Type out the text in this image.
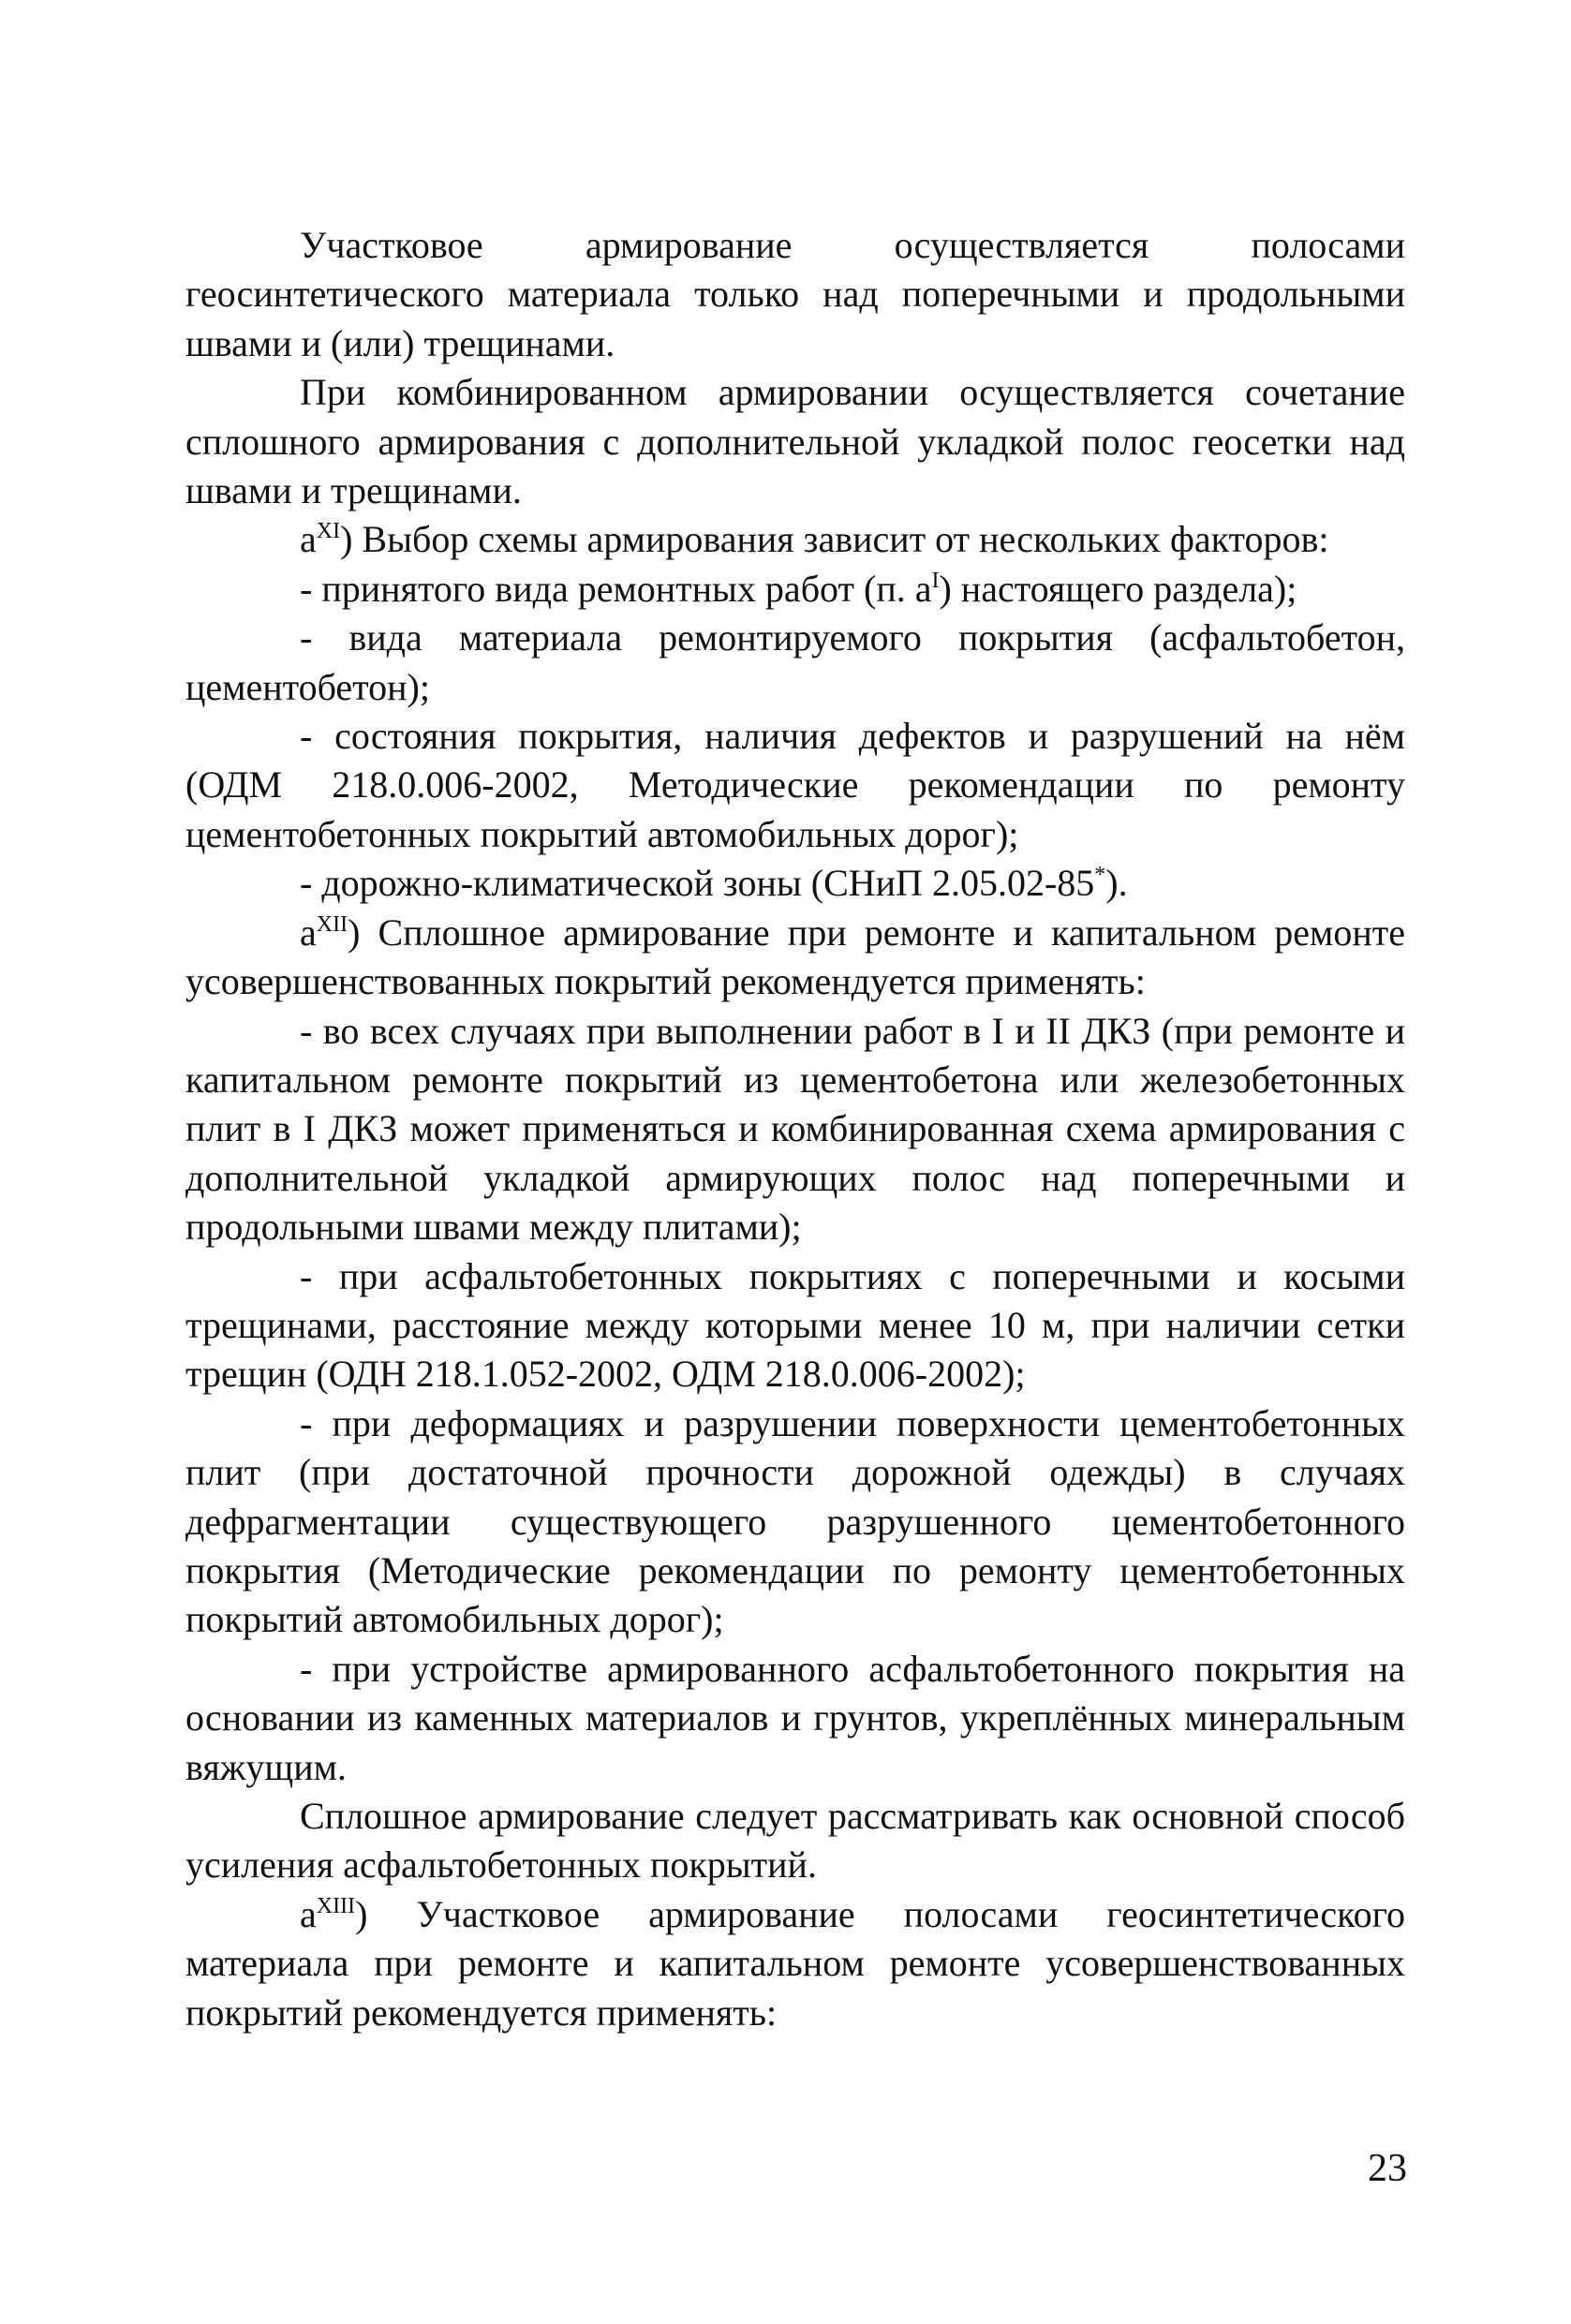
Участковое армирование осуществляется полосами геосинтетического материала только над поперечными и продольными швами и (или) трещинами.

При комбинированном армировании осуществляется сочетание сплошного армирования с дополнительной укладкой полос геосетки над швами и трещинами.

$а^{XI}$) Выбор схемы армирования зависит от нескольких факторов:

- принятого вида ремонтных работ (п. $а^I$) настоящего раздела);

- вида материала ремонтируемого покрытия (асфальтобетон, цементобетон);

- состояния покрытия, наличия дефектов и разрушений на нём (ОДМ 218.0.006-2002, Методические рекомендации по ремонту цементобетонных покрытий автомобильных дорог);

- дорожно-климатической зоны (СНиП 2.05.02-85*).

$а^{XII}$) Сплошное армирование при ремонте и капитальном ремонте усовершенствованных покрытий рекомендуется применять:

- во всех случаях при выполнении работ в I и II ДКЗ (при ремонте и капитальном ремонте покрытий из цементобетона или железобетонных плит в I ДКЗ может применяться и комбинированная схема армирования с дополнительной укладкой армирующих полос над поперечными и продольными швами между плитами);

- при асфальтобетонных покрытиях с поперечными и косыми трещинами, расстояние между которыми менее 10 м, при наличии сетки трещин (ОДН 218.1.052-2002, ОДМ 218.0.006-2002);

- при деформациях и разрушении поверхности цементобетонных плит (при достаточной прочности дорожной одежды) в случаях дефрагментации существующего разрушенного цементобетонного покрытия (Методические рекомендации по ремонту цементобетонных покрытий автомобильных дорог);

- при устройстве армированного асфальтобетонного покрытия на основании из каменных материалов и грунтов, укреплённых минеральным вяжущим.

Сплошное армирование следует рассматривать как основной способ усиления асфальтобетонных покрытий.

$а^{XIII}$) Участковое армирование полосами геосинтетического материала при ремонте и капитальном ремонте усовершенствованных покрытий рекомендуется применять:

23
